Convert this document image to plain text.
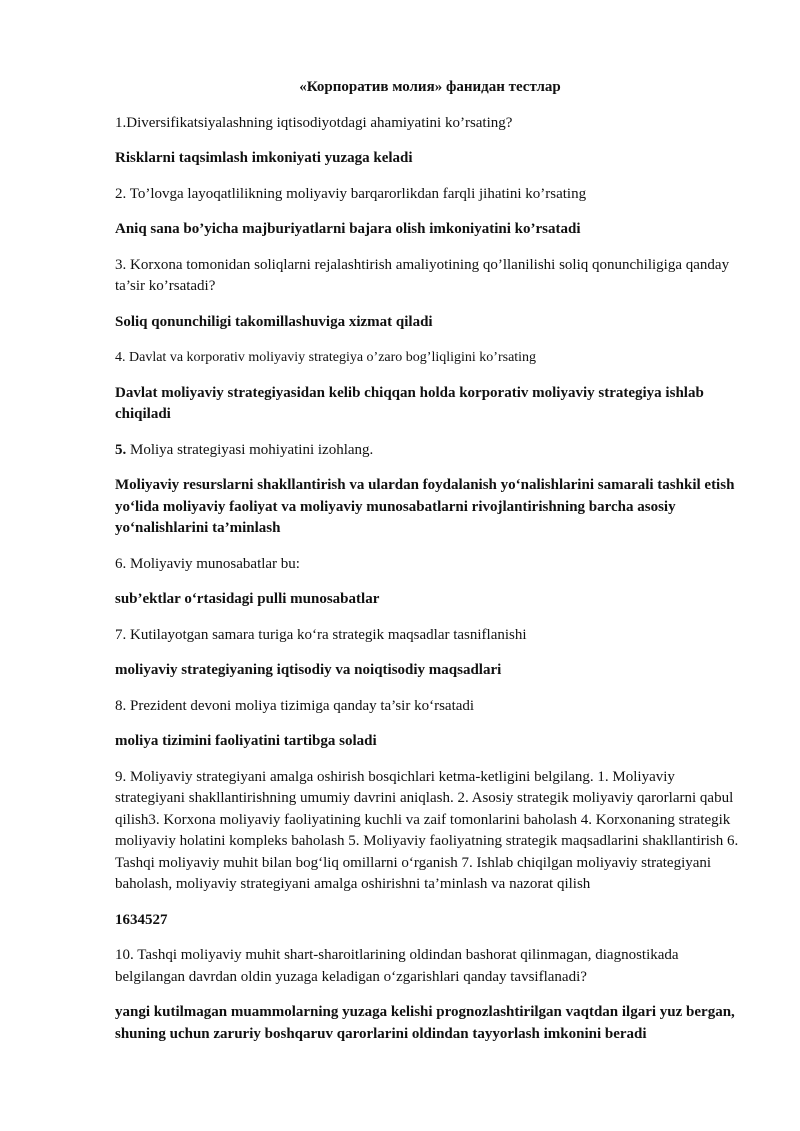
«Корпоратив молия» фанидан тестлар

1.Diversifikatsiyalashning iqtisodiyotdagi ahamiyatini ko’rsating?

Risklarni taqsimlash imkoniyati yuzaga keladi

2. To’lovga layoqatlilikning moliyaviy barqarorlikdan farqli jihatini ko’rsating

Aniq sana bo’yicha majburiyatlarni bajara olish imkoniyatini ko’rsatadi

3. Korxona tomonidan soliqlarni rejalashtirish amaliyotining qo’llanilishi soliq qonunchiligiga qanday ta’sir ko’rsatadi?

Soliq qonunchiligi takomillashuviga xizmat qiladi

4. Davlat va korporativ moliyaviy strategiya o’zaro bog’liqligini ko’rsating

Davlat moliyaviy strategiyasidan kelib chiqqan holda korporativ moliyaviy strategiya ishlab chiqiladi

5. Moliya strategiyasi mohiyatini izohlang.

Moliyaviy resurslarni shakllantirish va ulardan foydalanish yo‘nalishlarini samarali tashkil etish yo‘lida moliyaviy faoliyat va moliyaviy munosabatlarni rivojlantirishning barcha asosiy yo‘nalishlarini ta’minlash

6. Moliyaviy munosabatlar bu:

sub’ektlar o‘rtasidagi pulli munosabatlar

7. Kutilayotgan samara turiga ko‘ra strategik maqsadlar tasniflanishi

moliyaviy strategiyaning iqtisodiy va noiqtisodiy maqsadlari

8. Prezident devoni moliya tizimiga qanday ta’sir ko‘rsatadi

moliya tizimini faoliyatini tartibga soladi

9. Moliyaviy strategiyani amalga oshirish bosqichlari ketma-ketligini belgilang. 1. Moliyaviy strategiyani shakllantirishning umumiy davrini aniqlash. 2. Asosiy strategik moliyaviy qarorlarni qabul qilish3. Korxona moliyaviy faoliyatining kuchli va zaif tomonlarini baholash 4. Korxonaning strategik moliyaviy holatini kompleks baholash 5. Moliyaviy faoliyatning strategik maqsadlarini shakllantirish 6. Tashqi moliyaviy muhit bilan bog‘liq omillarni o‘rganish 7. Ishlab chiqilgan moliyaviy strategiyani baholash, moliyaviy strategiyani amalga oshirishni ta’minlash va nazorat qilish

1634527

10. Tashqi moliyaviy muhit shart-sharoitlarining oldindan bashorat qilinmagan, diagnostikada belgilangan davrdan oldin yuzaga keladigan o‘zgarishlari qanday tavsiflanadi?

yangi kutilmagan muammolarning yuzaga kelishi prognozlashtirilgan vaqtdan ilgari yuz bergan, shuning uchun zaruriy boshqaruv qarorlarini oldindan tayyorlash imkonini beradi
